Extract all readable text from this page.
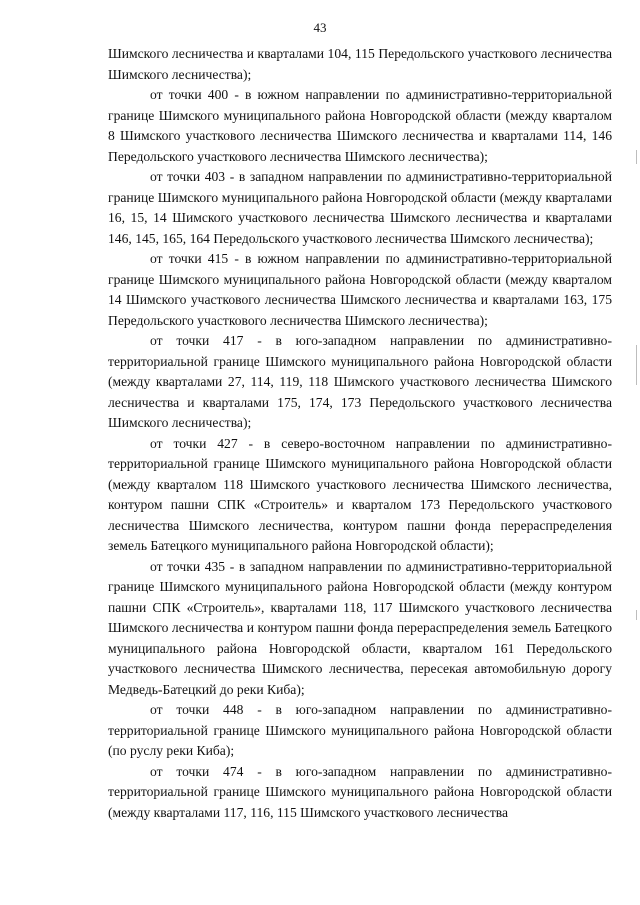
43

Шимского лесничества и кварталами 104, 115 Передольского участкового лесничества Шимского лесничества);

от точки 400 - в южном направлении по административно-территориальной границе Шимского муниципального района Новгородской области (между кварталом 8 Шимского участкового лесничества Шимского лесничества и кварталами 114, 146 Передольского участкового лесничества Шимского лесничества);

от точки 403 - в западном направлении по административно-территориальной границе Шимского муниципального района Новгородской области (между кварталами 16, 15, 14 Шимского участкового лесничества Шимского лесничества и кварталами 146, 145, 165, 164 Передольского участкового лесничества Шимского лесничества);

от точки 415 - в южном направлении по административно-территориальной границе Шимского муниципального района Новгородской области (между кварталом 14 Шимского участкового лесничества Шимского лесничества и кварталами 163, 175 Передольского участкового лесничества Шимского лесничества);

от точки 417 - в юго-западном направлении по административно-территориальной границе Шимского муниципального района Новгородской области (между кварталами 27, 114, 119, 118 Шимского участкового лесничества Шимского лесничества и кварталами 175, 174, 173 Передольского участкового лесничества Шимского лесничества);

от точки 427 - в северо-восточном направлении по административно-территориальной границе Шимского муниципального района Новгородской области (между кварталом 118 Шимского участкового лесничества Шимского лесничества, контуром пашни СПК «Строитель» и кварталом 173 Передольского участкового лесничества Шимского лесничества, контуром пашни фонда перераспределения земель Батецкого муниципального района Новгородской области);

от точки 435 - в западном направлении по административно-территориальной границе Шимского муниципального района Новгородской области (между контуром пашни СПК «Строитель», кварталами 118, 117 Шимского участкового лесничества Шимского лесничества и контуром пашни фонда перераспределения земель Батецкого муниципального района Новгородской области, кварталом 161 Передольского участкового лесничества Шимского лесничества, пересекая автомобильную дорогу Медведь-Батецкий до реки Киба);

от точки 448 - в юго-западном направлении по административно-территориальной границе Шимского муниципального района Новгородской области (по руслу реки Киба);

от точки 474 - в юго-западном направлении по административно-территориальной границе Шимского муниципального района Новгородской области (между кварталами 117, 116, 115 Шимского участкового лесничества
